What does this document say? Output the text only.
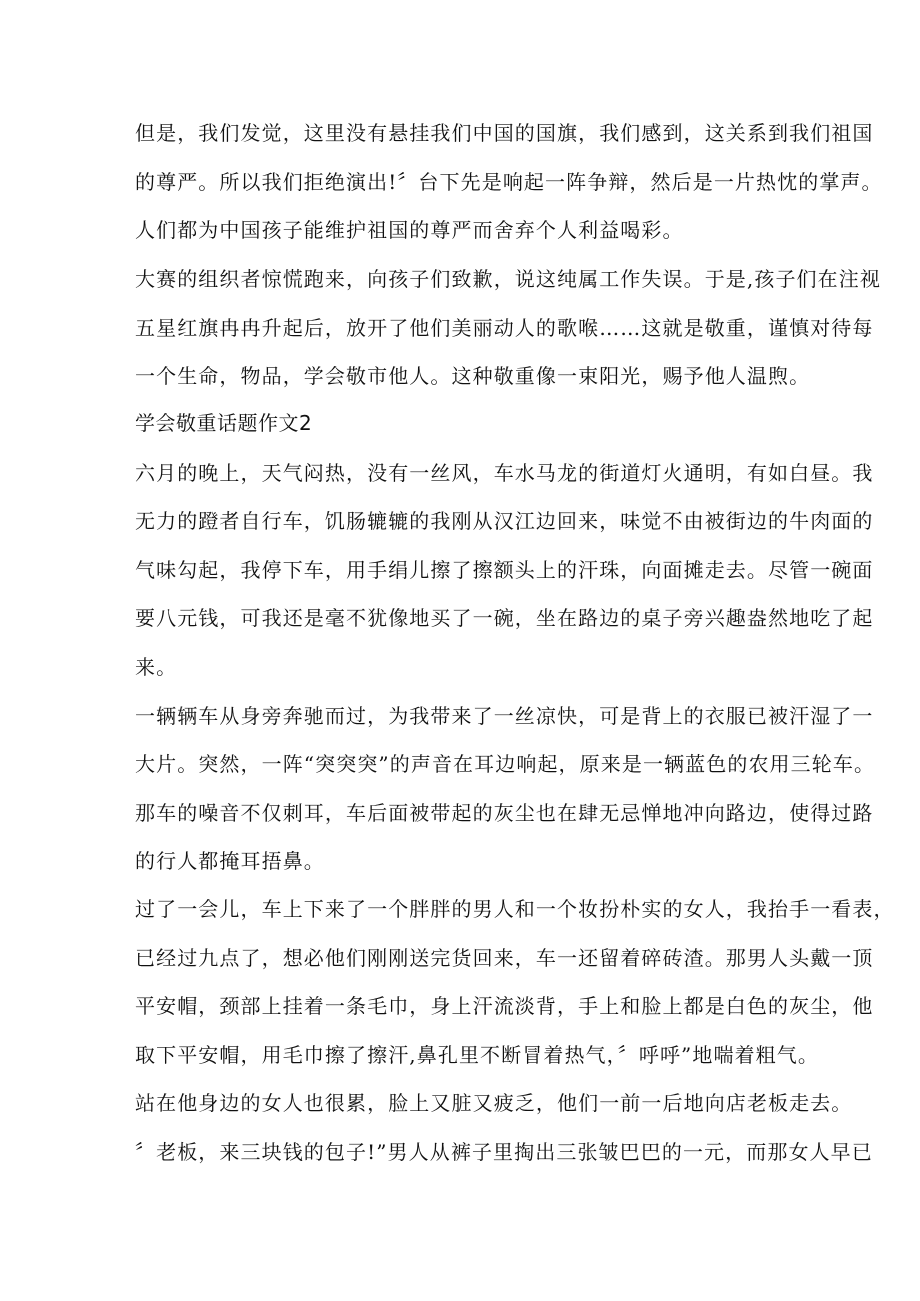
但是，我们发觉，这里没有悬挂我们中国的国旗，我们感到，这关系到我们祖国
的尊严。所以我们拒绝演出!〞台下先是响起一阵争辩，然后是一片热忱的掌声。
人们都为中国孩子能维护祖国的尊严而舍弃个人利益喝彩。
大赛的组织者惊慌跑来，向孩子们致歉，说这纯属工作失误。于是,孩子们在注视
五星红旗冉冉升起后，放开了他们美丽动人的歌喉……这就是敬重，谨慎对待每
一个生命，物品，学会敬市他人。这种敬重像一束阳光，赐予他人温煦。
学会敬重话题作文2
六月的晚上，天气闷热，没有一丝风，车水马龙的街道灯火通明，有如白昼。我
无力的蹬者自行车，饥肠辘辘的我刚从汉江边回来，味觉不由被街边的牛肉面的
气味勾起，我停下车，用手绢儿擦了擦额头上的汗珠，向面摊走去。尽管一碗面
要八元钱，可我还是毫不犹像地买了一碗，坐在路边的桌子旁兴趣盎然地吃了起
来。
一辆辆车从身旁奔驰而过，为我带来了一丝凉快，可是背上的衣服已被汗湿了一
大片。突然，一阵“突突突”的声音在耳边响起，原来是一辆蓝色的农用三轮车。
那车的噪音不仅刺耳，车后面被带起的灰尘也在肆无忌惮地冲向路边，使得过路
的行人都掩耳捂鼻。
过了一会儿，车上下来了一个胖胖的男人和一个妆扮朴实的女人，我抬手一看表，
已经过九点了，想必他们刚刚送完货回来，车一还留着碎砖渣。那男人头戴一顶
平安帽，颈部上挂着一条毛巾，身上汗流淡背，手上和脸上都是白色的灰尘，他
取下平安帽，用毛巾擦了擦汗,鼻孔里不断冒着热气，〞呼呼”地喘着粗气。
站在他身边的女人也很累，脸上又脏又疲乏，他们一前一后地向店老板走去。
〞老板，来三块钱的包子!”男人从裤子里掏出三张皱巴巴的一元，而那女人早已
